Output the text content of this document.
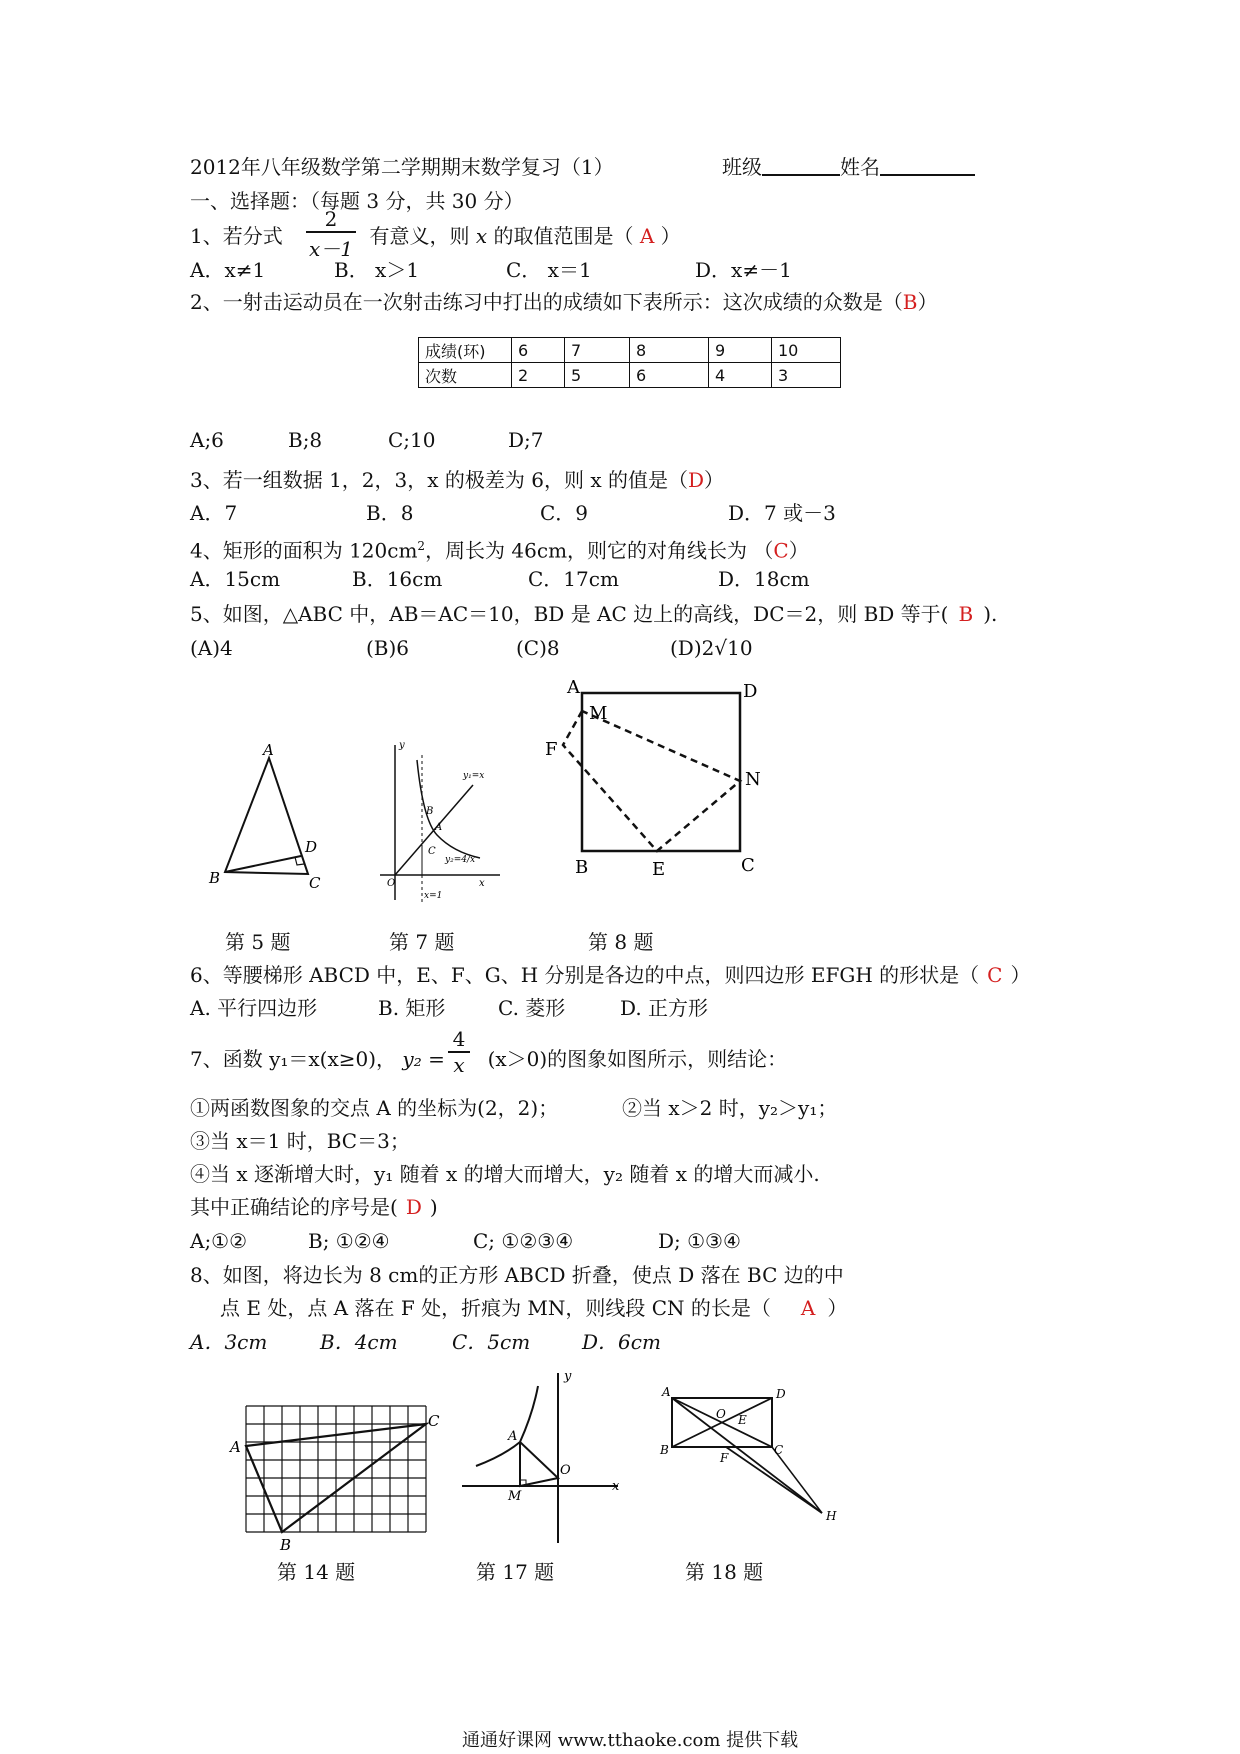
2012年八年级数学第二学期期末数学复习（1）	班级	姓名
一、选择题：（每题 3 分，共 30 分）
1、若分式	有意义，则 x 的取值范围是（ A ）
2
x－1
A．x≠1	B． x＞1	C． x＝1	D．x≠－1
2、一射击运动员在一次射击练习中打出的成绩如下表所示：这次成绩的众数是（B）
成绩(环)	6	7	8	9	10
次数	2	5	6	4	3
A;6	B;8	C;10	D;7
3、若一组数据 1，2，3，x 的极差为 6，则 x 的值是（D）
A．7	B．8	C．9	D．7 或－3
4、矩形的面积为 $120cm^2$，周长为 46cm，则它的对角线长为 （C）
A．15cm	B．16cm	C．17cm	D．18cm
5、如图，△ABC 中，AB＝AC＝10，BD 是 AC 边上的高线，DC＝2，则 BD 等于( B ).
(A)4	(B)6	(C)8	(D)2√10
A
B	C
D
y
x
O
A
B
C
y₁=x
y₂=4/x
x=1
A	D
M
F
N
B	E	C
第 5 题	第 7 题	第 8 题
6、等腰梯形 ABCD 中，E、F、G、H 分别是各边的中点，则四边形 EFGH 的形状是（ C ）
A. 平行四边形	B. 矩形	C. 菱形	D. 正方形
7、函数 y₁＝x(x≥0)， y₂ = (x＞0)的图象如图所示，则结论：
4
x
①两函数图象的交点 A 的坐标为(2，2)；	②当 x＞2 时，y₂＞y₁；
③当 x＝1 时，BC＝3；
④当 x 逐渐增大时，y₁ 随着 x 的增大而增大，y₂ 随着 x 的增大而减小.
其中正确结论的序号是( D )
A;①②	B; ①②④	C; ①②③④	D; ①③④
8、如图，将边长为 8 cm的正方形 ABCD 折叠，使点 D 落在 BC 边的中
点 E 处，点 A 落在 F 处，折痕为 MN，则线段 CN 的长是（ A ）
A．3cm	B．4cm	C．5cm	D．6cm
A
B
C
y
x
A
O
M
A	D
O E
B	C
F
H
第 14 题	第 17 题	第 18 题
通通好课网 www.tthaoke.com 提供下载
